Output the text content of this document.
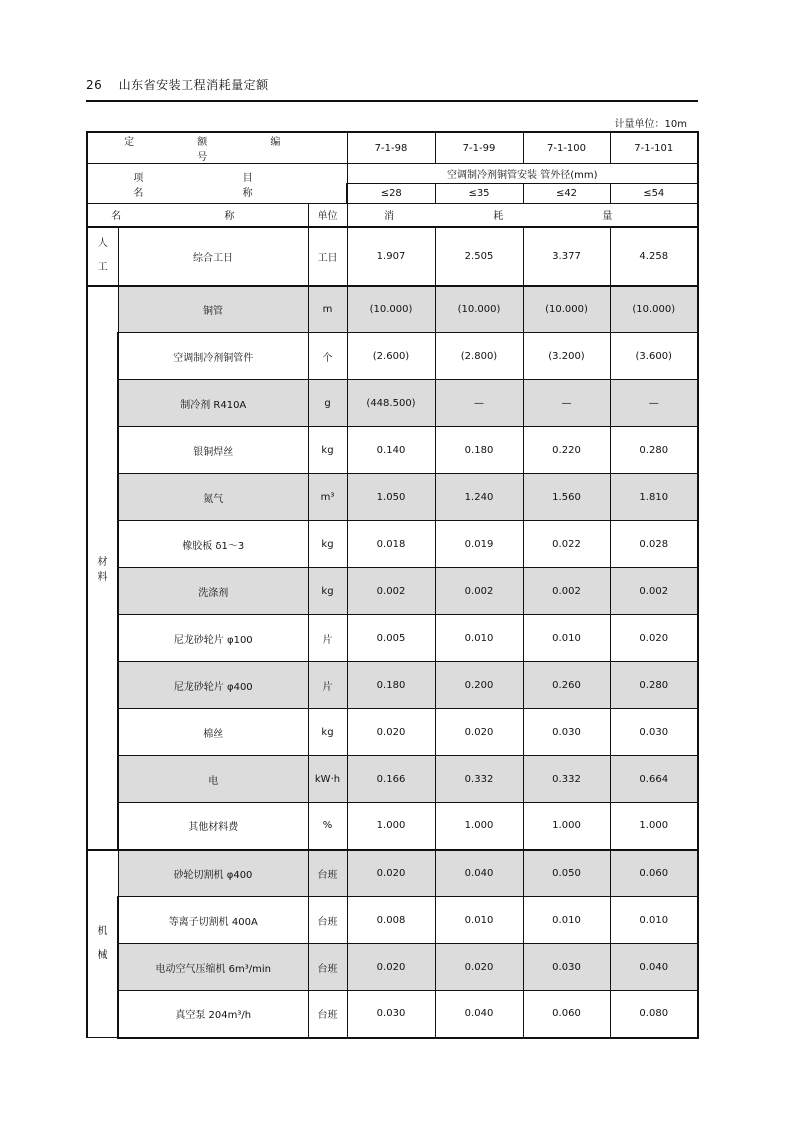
26 山东省安装工程消耗量定额
计量单位：10m
定 额 编 号			7-1-98	7-1-99	7-1-100	7-1-101
项 目 名 称			空调制冷剂铜管安装 管外径(mm)			
			≤28	≤35	≤42	≤54
名 称		单位	消 耗 量			

人
工	综合工日	工日	1.907	2.505	3.377	4.258

材
料	铜管	m	(10.000)	(10.000)	(10.000)	(10.000)
	空调制冷剂铜管件	个	(2.600)	(2.800)	(3.200)	(3.600)
	制冷剂 R410A	g	(448.500)	—	—	—
	银铜焊丝	kg	0.140	0.180	0.220	0.280
	氮气	m³	1.050	1.240	1.560	1.810
	橡胶板 δ1～3	kg	0.018	0.019	0.022	0.028
	洗涤剂	kg	0.002	0.002	0.002	0.002
	尼龙砂轮片 φ100	片	0.005	0.010	0.010	0.020
	尼龙砂轮片 φ400	片	0.180	0.200	0.260	0.280
	棉丝	kg	0.020	0.020	0.030	0.030
	电	kW·h	0.166	0.332	0.332	0.664
	其他材料费	%	1.000	1.000	1.000	1.000

机
械	砂轮切割机 φ400	台班	0.020	0.040	0.050	0.060
	等离子切割机 400A	台班	0.008	0.010	0.010	0.010
	电动空气压缩机 6m³/min	台班	0.020	0.020	0.030	0.040
	真空泵 204m³/h	台班	0.030	0.040	0.060	0.080
